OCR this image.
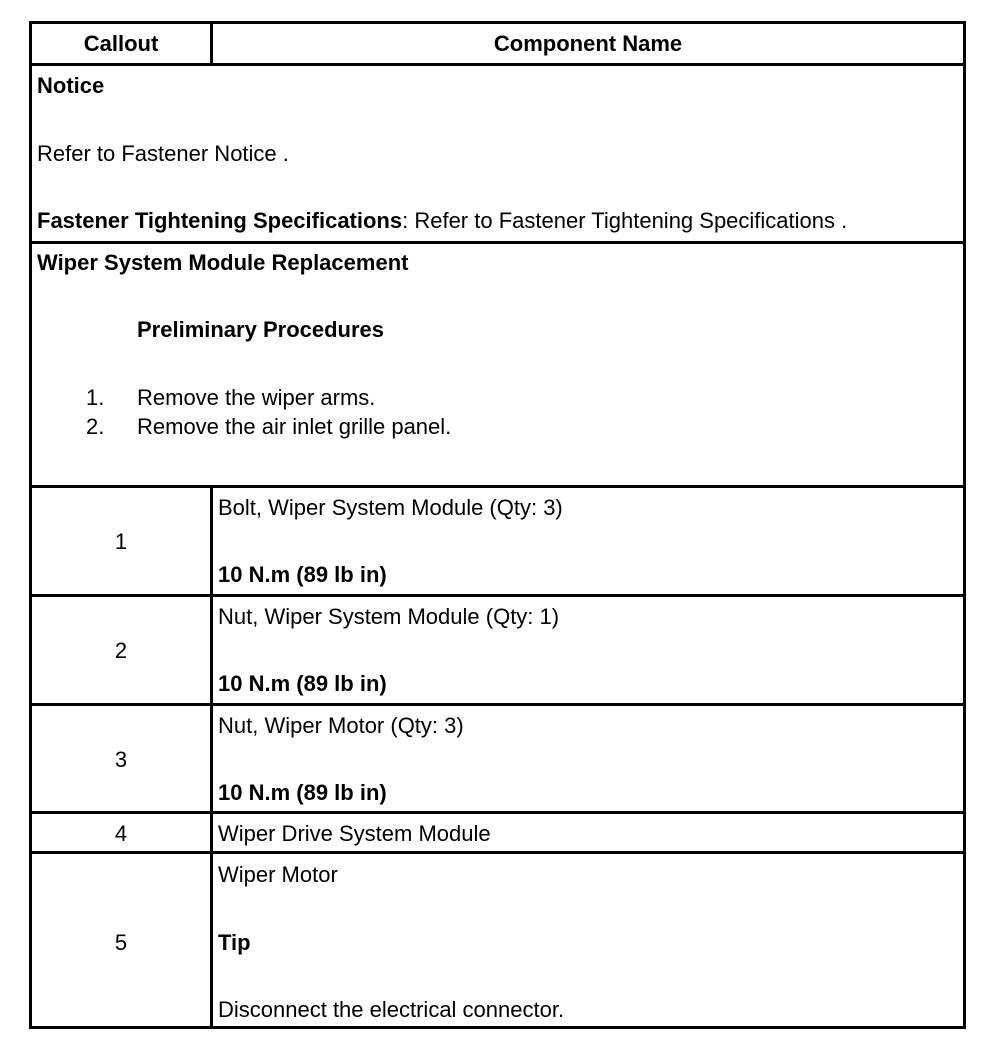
Callout	Component Name
Notice
Refer to Fastener Notice .
Fastener Tightening Specifications: Refer to Fastener Tightening Specifications .
Wiper System Module Replacement
Preliminary Procedures
1. Remove the wiper arms.
2. Remove the air inlet grille panel.
1
Bolt, Wiper System Module (Qty: 3)
10 N.m (89 lb in)
2
Nut, Wiper System Module (Qty: 1)
10 N.m (89 lb in)
3
Nut, Wiper Motor (Qty: 3)
10 N.m (89 lb in)
4	Wiper Drive System Module
5
Wiper Motor
Tip
Disconnect the electrical connector.
